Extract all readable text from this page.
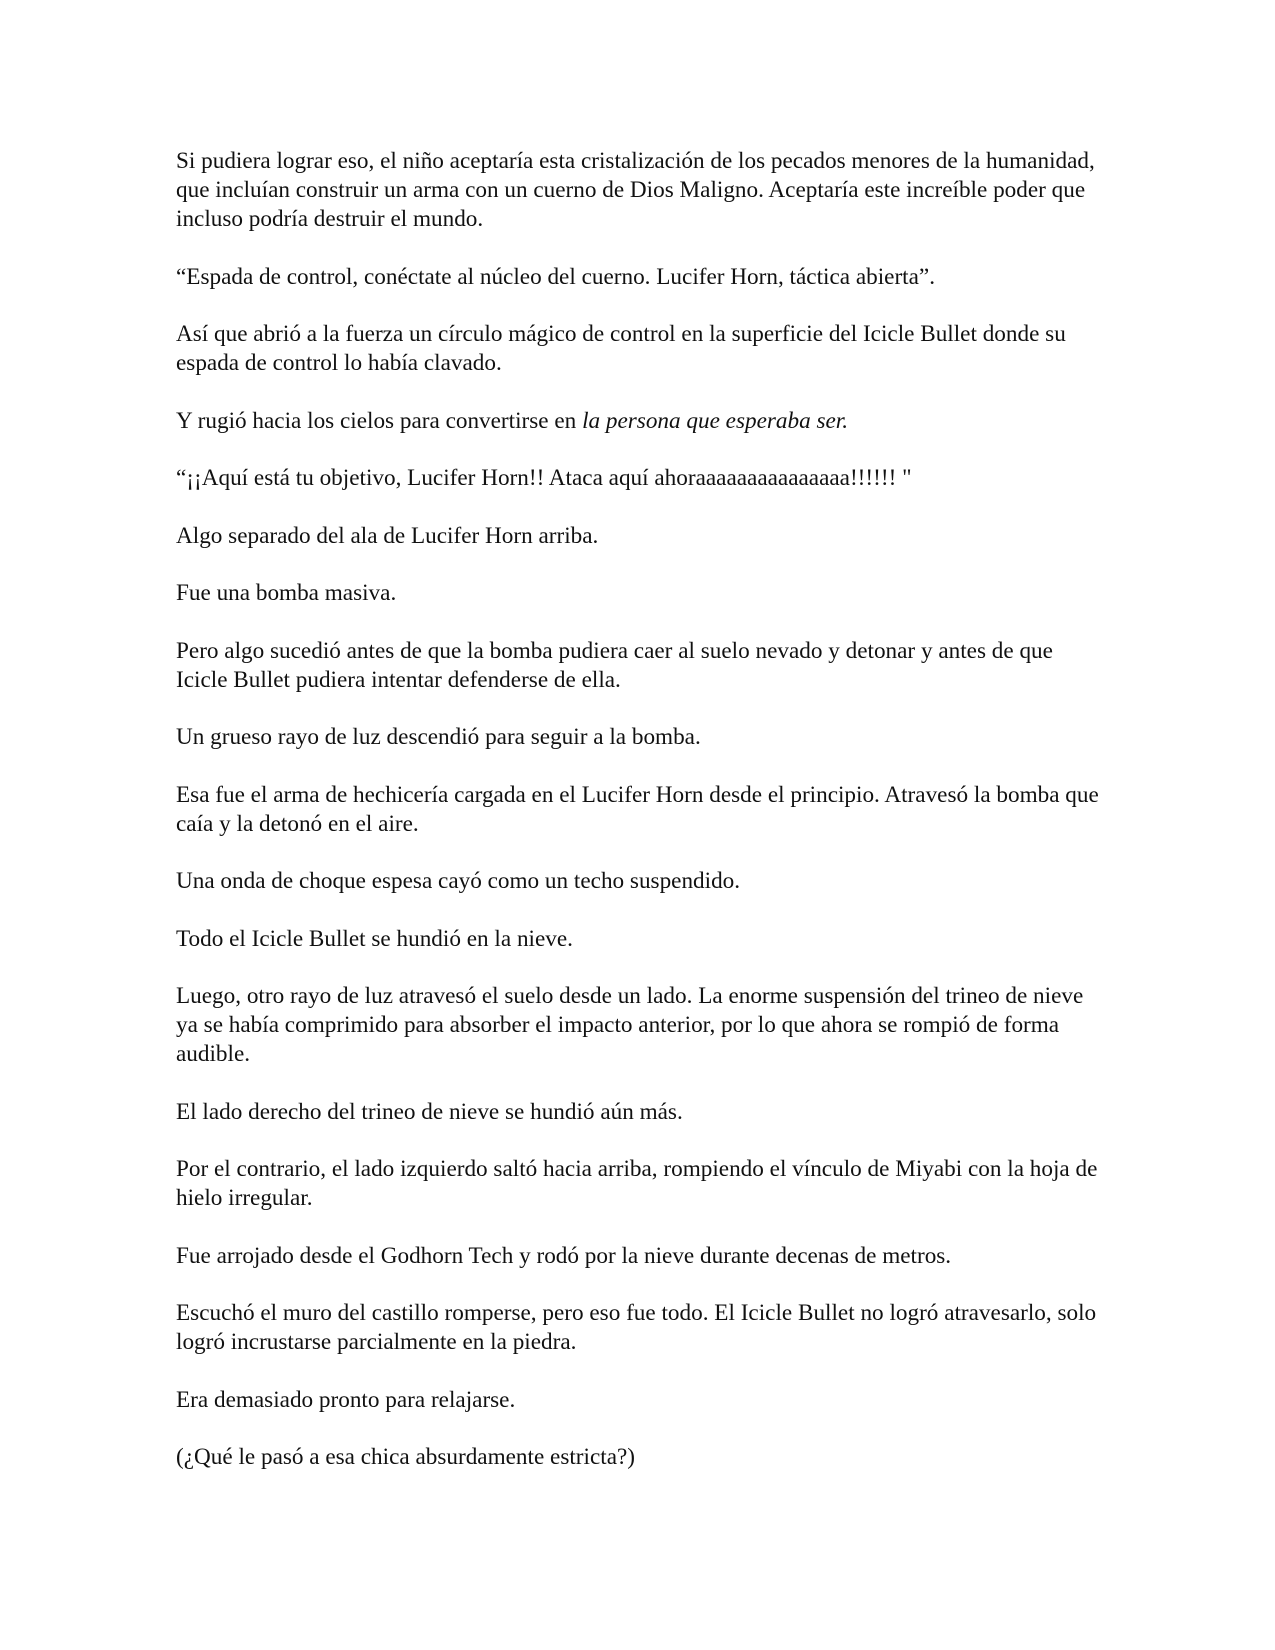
Si pudiera lograr eso, el niño aceptaría esta cristalización de los pecados menores de la humanidad, que incluían construir un arma con un cuerno de Dios Maligno. Aceptaría este increíble poder que incluso podría destruir el mundo.

“Espada de control, conéctate al núcleo del cuerno. Lucifer Horn, táctica abierta”.

Así que abrió a la fuerza un círculo mágico de control en la superficie del Icicle Bullet donde su espada de control lo había clavado.

Y rugió hacia los cielos para convertirse en la persona que esperaba ser.

“¡¡Aquí está tu objetivo, Lucifer Horn!! Ataca aquí ahoraaaaaaaaaaaaaaa!!!!!! "

Algo separado del ala de Lucifer Horn arriba.

Fue una bomba masiva.

Pero algo sucedió antes de que la bomba pudiera caer al suelo nevado y detonar y antes de que Icicle Bullet pudiera intentar defenderse de ella.

Un grueso rayo de luz descendió para seguir a la bomba.

Esa fue el arma de hechicería cargada en el Lucifer Horn desde el principio. Atravesó la bomba que caía y la detonó en el aire.

Una onda de choque espesa cayó como un techo suspendido.

Todo el Icicle Bullet se hundió en la nieve.

Luego, otro rayo de luz atravesó el suelo desde un lado. La enorme suspensión del trineo de nieve ya se había comprimido para absorber el impacto anterior, por lo que ahora se rompió de forma audible.

El lado derecho del trineo de nieve se hundió aún más.

Por el contrario, el lado izquierdo saltó hacia arriba, rompiendo el vínculo de Miyabi con la hoja de hielo irregular.

Fue arrojado desde el Godhorn Tech y rodó por la nieve durante decenas de metros.

Escuchó el muro del castillo romperse, pero eso fue todo. El Icicle Bullet no logró atravesarlo, solo logró incrustarse parcialmente en la piedra.

Era demasiado pronto para relajarse.

(¿Qué le pasó a esa chica absurdamente estricta?)
